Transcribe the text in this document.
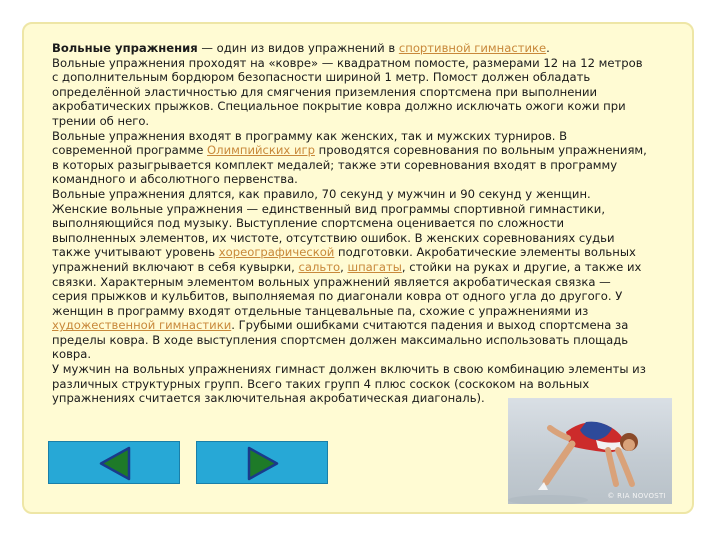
Вольные упражнения — один из видов упражнений в спортивной гимнастике.

Вольные упражнения проходят на «ковре» — квадратном помосте, размерами 12 на 12 метров с дополнительным бордюром безопасности шириной 1 метр. Помост должен обладать определённой эластичностью для смягчения приземления спортсмена при выполнении акробатических прыжков. Специальное покрытие ковра должно исключать ожоги кожи при трении об него.

Вольные упражнения входят в программу как женских, так и мужских турниров. В современной программе Олимпийских игр проводятся соревнования по вольным упражнениям, в которых разыгрывается комплект медалей; также эти соревнования входят в программу командного и абсолютного первенства.

Вольные упражнения длятся, как правило, 70 секунд у мужчин и 90 секунд у женщин. Женские вольные упражнения — единственный вид программы спортивной гимнастики, выполняющийся под музыку. Выступление спортсмена оценивается по сложности выполненных элементов, их чистоте, отсутствию ошибок. В женских соревнованиях судьи также учитывают уровень хореографической подготовки. Акробатические элементы вольных упражнений включают в себя кувырки, сальто, шпагаты, стойки на руках и другие, а также их связки. Характерным элементом вольных упражнений является акробатическая связка — серия прыжков и кульбитов, выполняемая по диагонали ковра от одного угла до другого. У женщин в программу входят отдельные танцевальные па, схожие с упражнениями из художественной гимнастики. Грубыми ошибками считаются падения и выход спортсмена за пределы ковра. В ходе выступления спортсмен должен максимально использовать площадь ковра.

У мужчин на вольных упражнениях гимнаст должен включить в свою комбинацию элементы из различных структурных групп. Всего таких групп 4 плюс соскок (соскоком на вольных упражнениях считается заключительная акробатическая диагональ).

© RIA NOVOSTI
